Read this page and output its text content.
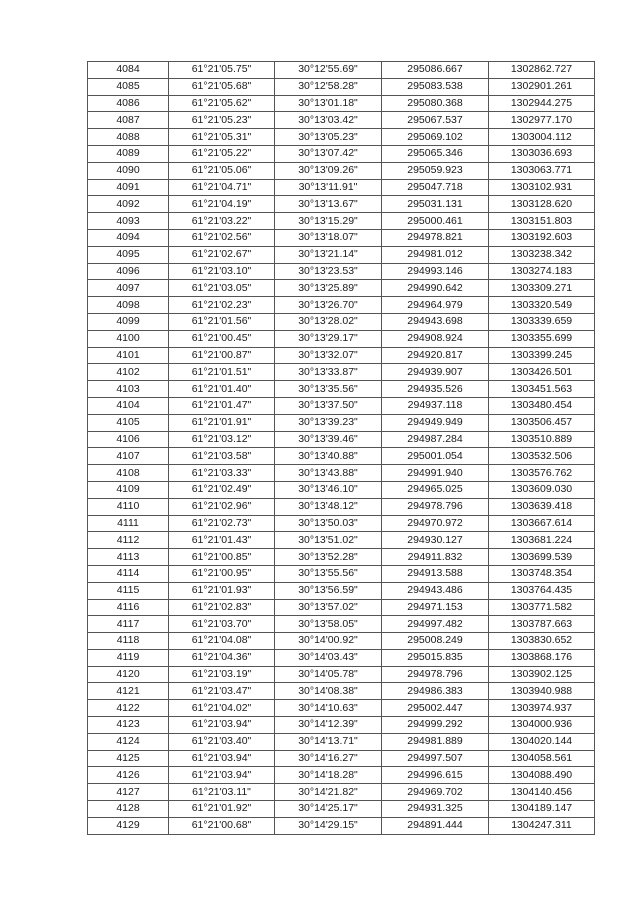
4084	61°21'05.75"	30°12'55.69"	295086.667	1302862.727
4085	61°21'05.68"	30°12'58.28"	295083.538	1302901.261
4086	61°21'05.62"	30°13'01.18"	295080.368	1302944.275
4087	61°21'05.23"	30°13'03.42"	295067.537	1302977.170
4088	61°21'05.31"	30°13'05.23"	295069.102	1303004.112
4089	61°21'05.22"	30°13'07.42"	295065.346	1303036.693
4090	61°21'05.06"	30°13'09.26"	295059.923	1303063.771
4091	61°21'04.71"	30°13'11.91"	295047.718	1303102.931
4092	61°21'04.19"	30°13'13.67"	295031.131	1303128.620
4093	61°21'03.22"	30°13'15.29"	295000.461	1303151.803
4094	61°21'02.56"	30°13'18.07"	294978.821	1303192.603
4095	61°21'02.67"	30°13'21.14"	294981.012	1303238.342
4096	61°21'03.10"	30°13'23.53"	294993.146	1303274.183
4097	61°21'03.05"	30°13'25.89"	294990.642	1303309.271
4098	61°21'02.23"	30°13'26.70"	294964.979	1303320.549
4099	61°21'01.56"	30°13'28.02"	294943.698	1303339.659
4100	61°21'00.45"	30°13'29.17"	294908.924	1303355.699
4101	61°21'00.87"	30°13'32.07"	294920.817	1303399.245
4102	61°21'01.51"	30°13'33.87"	294939.907	1303426.501
4103	61°21'01.40"	30°13'35.56"	294935.526	1303451.563
4104	61°21'01.47"	30°13'37.50"	294937.118	1303480.454
4105	61°21'01.91"	30°13'39.23"	294949.949	1303506.457
4106	61°21'03.12"	30°13'39.46"	294987.284	1303510.889
4107	61°21'03.58"	30°13'40.88"	295001.054	1303532.506
4108	61°21'03.33"	30°13'43.88"	294991.940	1303576.762
4109	61°21'02.49"	30°13'46.10"	294965.025	1303609.030
4110	61°21'02.96"	30°13'48.12"	294978.796	1303639.418
4111	61°21'02.73"	30°13'50.03"	294970.972	1303667.614
4112	61°21'01.43"	30°13'51.02"	294930.127	1303681.224
4113	61°21'00.85"	30°13'52.28"	294911.832	1303699.539
4114	61°21'00.95"	30°13'55.56"	294913.588	1303748.354
4115	61°21'01.93"	30°13'56.59"	294943.486	1303764.435
4116	61°21'02.83"	30°13'57.02"	294971.153	1303771.582
4117	61°21'03.70"	30°13'58.05"	294997.482	1303787.663
4118	61°21'04.08"	30°14'00.92"	295008.249	1303830.652
4119	61°21'04.36"	30°14'03.43"	295015.835	1303868.176
4120	61°21'03.19"	30°14'05.78"	294978.796	1303902.125
4121	61°21'03.47"	30°14'08.38"	294986.383	1303940.988
4122	61°21'04.02"	30°14'10.63"	295002.447	1303974.937
4123	61°21'03.94"	30°14'12.39"	294999.292	1304000.936
4124	61°21'03.40"	30°14'13.71"	294981.889	1304020.144
4125	61°21'03.94"	30°14'16.27"	294997.507	1304058.561
4126	61°21'03.94"	30°14'18.28"	294996.615	1304088.490
4127	61°21'03.11"	30°14'21.82"	294969.702	1304140.456
4128	61°21'01.92"	30°14'25.17"	294931.325	1304189.147
4129	61°21'00.68"	30°14'29.15"	294891.444	1304247.311
